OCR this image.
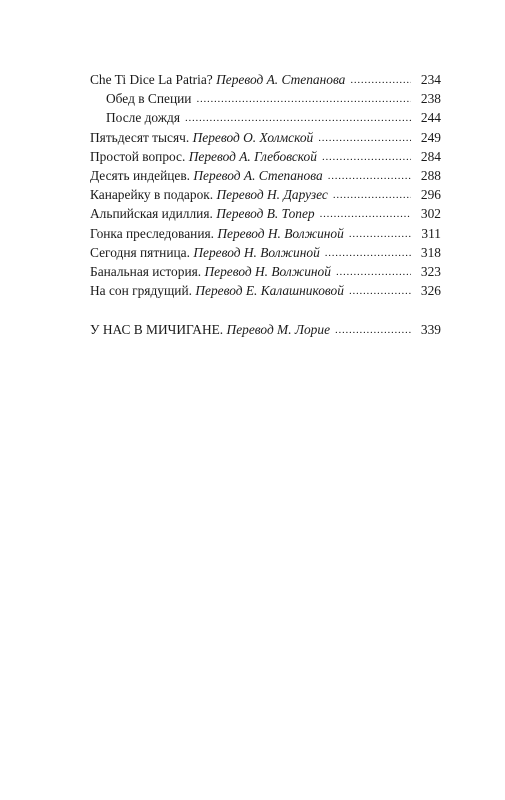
Che Ti Dice La Patria? Перевод А. Степанова . . .	234
Обед в Специи . . .	238
После дождя . . .	244
Пятьдесят тысяч. Перевод О. Холмской . . .	249
Простой вопрос. Перевод А. Глебовской . . .	284
Десять индейцев. Перевод А. Степанова . . .	288
Канарейку в подарок. Перевод Н. Дарузес . . .	296
Альпийская идиллия. Перевод В. Топер . . .	302
Гонка преследования. Перевод Н. Волжиной . . .	311
Сегодня пятница. Перевод Н. Волжиной . . .	318
Банальная история. Перевод Н. Волжиной . . .	323
На сон грядущий. Перевод Е. Калашниковой . . .	326
У НАС В МИЧИГАНЕ. Перевод М. Лорие . . .	339
